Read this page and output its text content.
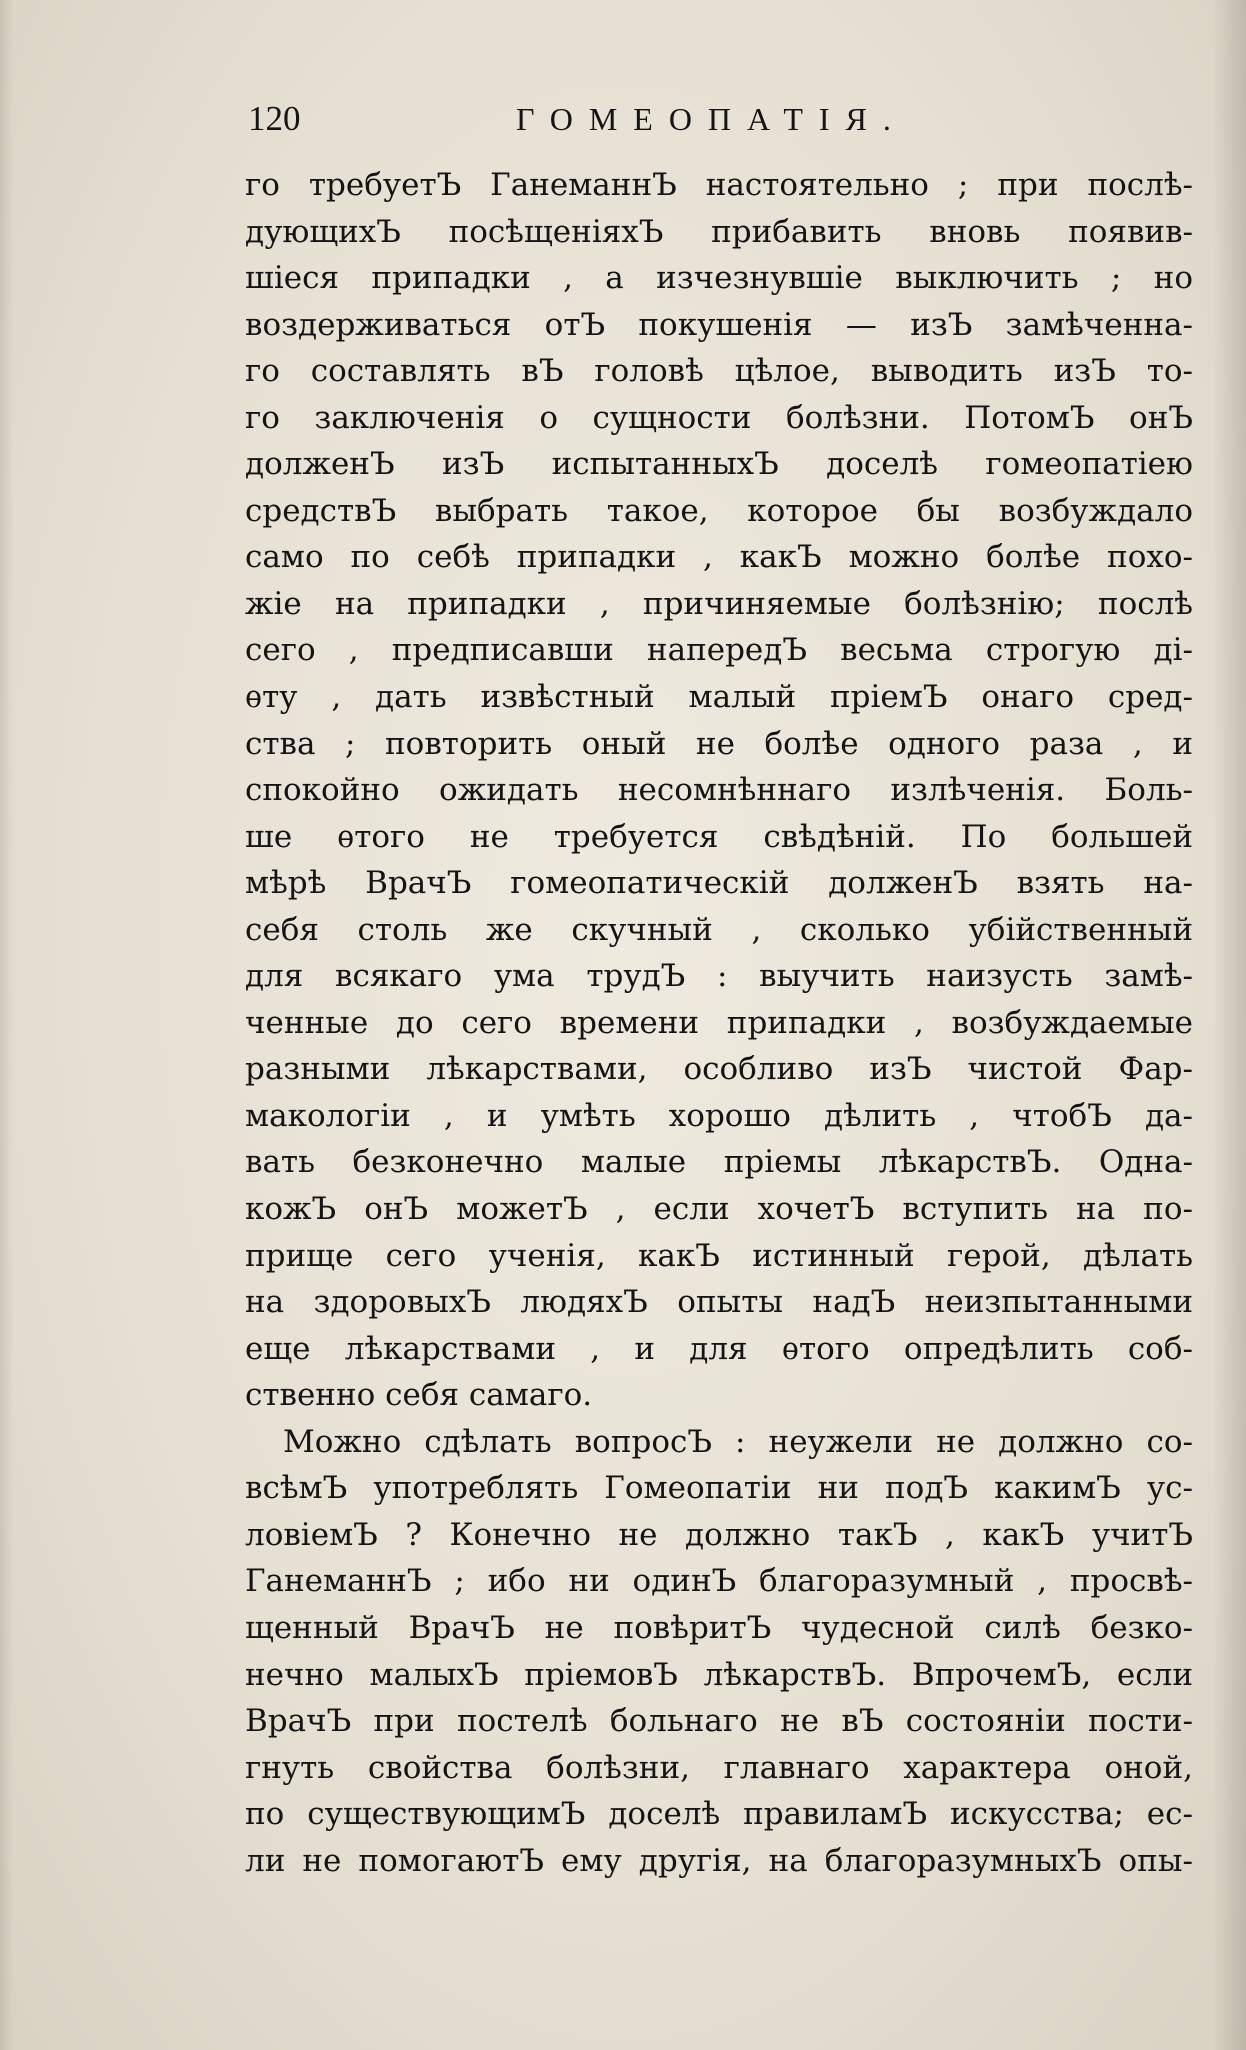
120	ГОМЕОПАТІЯ.
го требуетЪ ГанеманнЪ настоятельно ; при послѣ-
дующихЪ посѣщеніяхЪ прибавить вновь появив-
шіеся припадки , а изчезнувшіе выключить ; но
воздерживаться отЪ покушенія — изЪ замѣченна-
го составлять вЪ головѣ цѣлое, выводить изЪ то-
го заключенія о сущности болѣзни. ПотомЪ онЪ
долженЪ изЪ испытанныхЪ доселѣ гомеопатіею
средствЪ выбрать такое, которое бы возбуждало
само по себѣ припадки , какЪ можно болѣе похо-
жіе на припадки , причиняемые болѣзнію; послѣ
сего , предписавши напередЪ весьма строгую ді-
ѳту , дать извѣстный малый пріемЪ онаго сред-
ства ; повторить оный не болѣе одного раза , и
спокойно ожидать несомнѣннаго излѣченія. Боль-
ше ѳтого не требуется свѣдѣній. По большей
мѣрѣ ВрачЪ гомеопатическій долженЪ взять на-
себя столь же скучный , сколько убійственный
для всякаго ума трудЪ : выучить наизусть замѣ-
ченные до сего времени припадки , возбуждаемые
разными лѣкарствами, особливо изЪ чистой Фар-
макологіи , и умѣть хорошо дѣлить , чтобЪ да-
вать безконечно малые пріемы лѣкарствЪ. Одна-
кожЪ онЪ можетЪ , если хочетЪ вступить на по-
прище сего ученія, какЪ истинный герой, дѣлать
на здоровыхЪ людяхЪ опыты надЪ неизпытанными
еще лѣкарствами , и для ѳтого опредѣлить соб-
ственно себя самаго.
Можно сдѣлать вопросЪ : неужели не должно со-
всѣмЪ употреблять Гомеопатіи ни подЪ какимЪ ус-
ловіемЪ ? Конечно не должно такЪ , какЪ учитЪ
ГанеманнЪ ; ибо ни одинЪ благоразумный , просвѣ-
щенный ВрачЪ не повѣритЪ чудесной силѣ безко-
нечно малыхЪ пріемовЪ лѣкарствЪ. ВпрочемЪ, если
ВрачЪ при постелѣ больнаго не вЪ состояніи пости-
гнуть свойства болѣзни, главнаго характера оной,
по существующимЪ доселѣ правиламЪ искусства; ес-
ли не помогаютЪ ему другія, на благоразумныхЪ опы-
